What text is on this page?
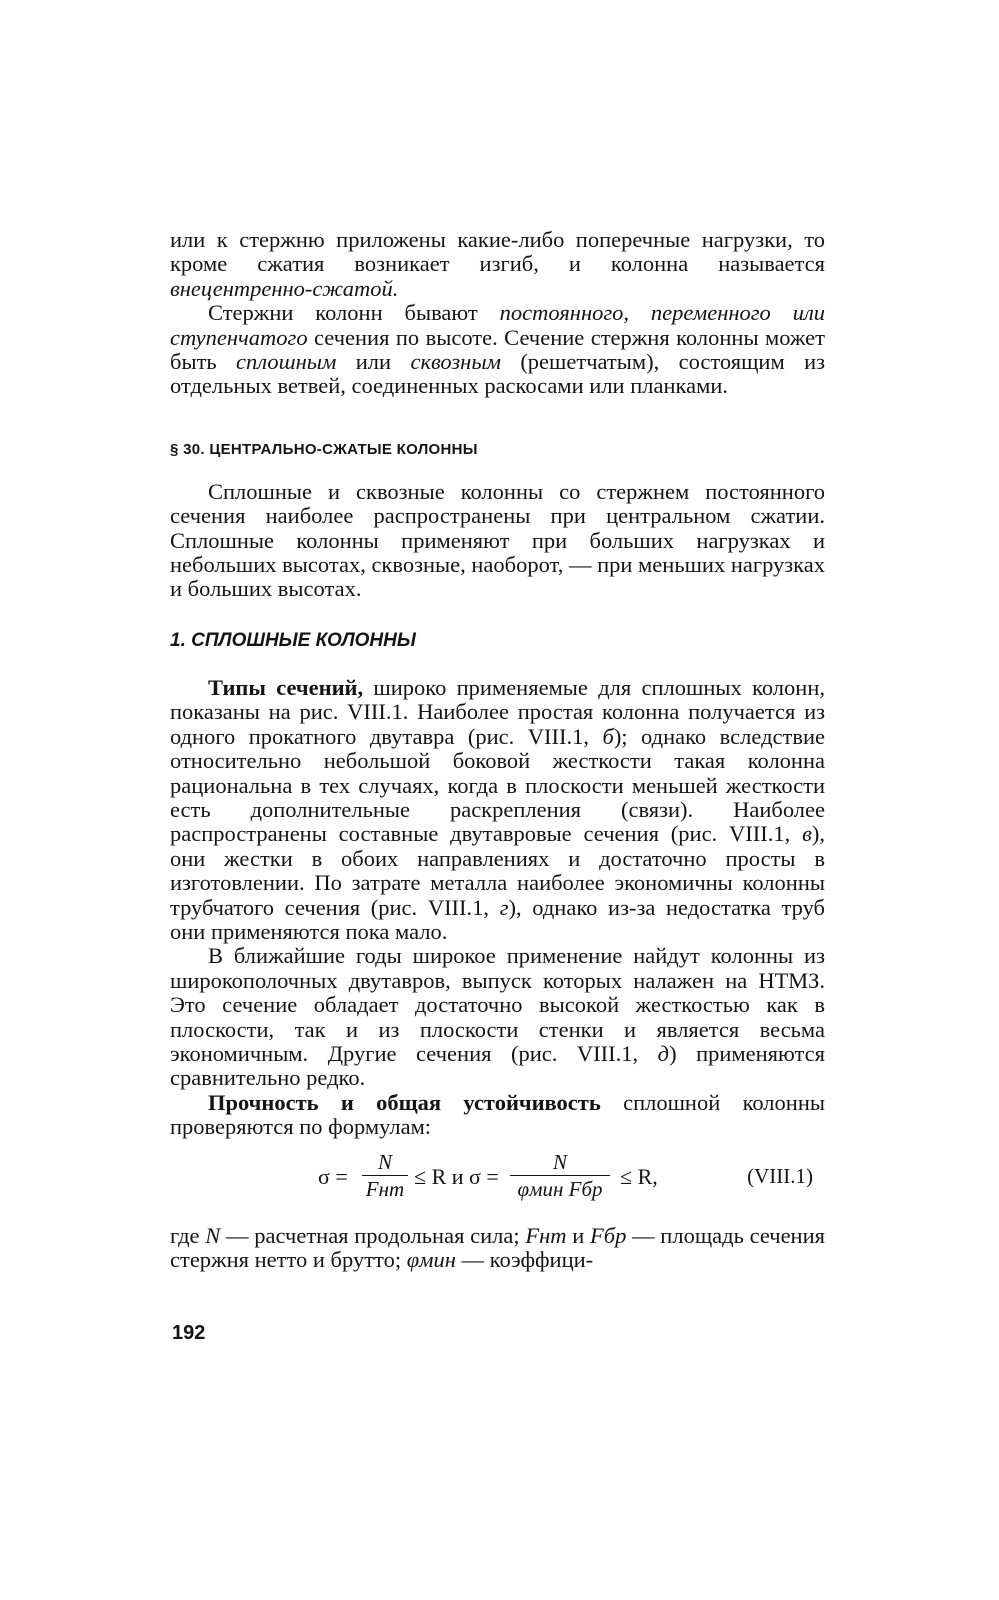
или к стержню приложены какие-либо поперечные нагрузки, то кроме сжатия возникает изгиб, и колонна называется внецентренно-сжатой.

Стержни колонн бывают постоянного, переменного или ступенчатого сечения по высоте. Сечение стержня колонны может быть сплошным или сквозным (решетчатым), состоящим из отдельных ветвей, соединенных раскосами или планками.

§ 30. ЦЕНТРАЛЬНО-СЖАТЫЕ КОЛОННЫ

Сплошные и сквозные колонны со стержнем постоянного сечения наиболее распространены при центральном сжатии. Сплошные колонны применяют при больших нагрузках и небольших высотах, сквозные, наоборот, — при меньших нагрузках и больших высотах.

1. СПЛОШНЫЕ КОЛОННЫ

Типы сечений, широко применяемые для сплошных колонн, показаны на рис. VIII.1. Наиболее простая колонна получается из одного прокатного двутавра (рис. VIII.1, б); однако вследствие относительно небольшой боковой жесткости такая колонна рациональна в тех случаях, когда в плоскости меньшей жесткости есть дополнительные раскрепления (связи). Наиболее распространены составные двутавровые сечения (рис. VIII.1, в), они жестки в обоих направлениях и достаточно просты в изготовлении. По затрате металла наиболее экономичны колонны трубчатого сечения (рис. VIII.1, г), однако из-за недостатка труб они применяются пока мало.

В ближайшие годы широкое применение найдут колонны из широкополочных двутавров, выпуск которых налажен на НТМЗ. Это сечение обладает достаточно высокой жесткостью как в плоскости, так и из плоскости стенки и является весьма экономичным. Другие сечения (рис. VIII.1, д) применяются сравнительно редко.

Прочность и общая устойчивость сплошной колонны проверяются по формулам:

σ =
N
Fнт ≤ R и σ =
N
φмин Fбр ≤ R,	(VIII.1)

где N — расчетная продольная сила; Fнт и Fбр — площадь сечения стержня нетто и брутто; φмин — коэффици-

192
